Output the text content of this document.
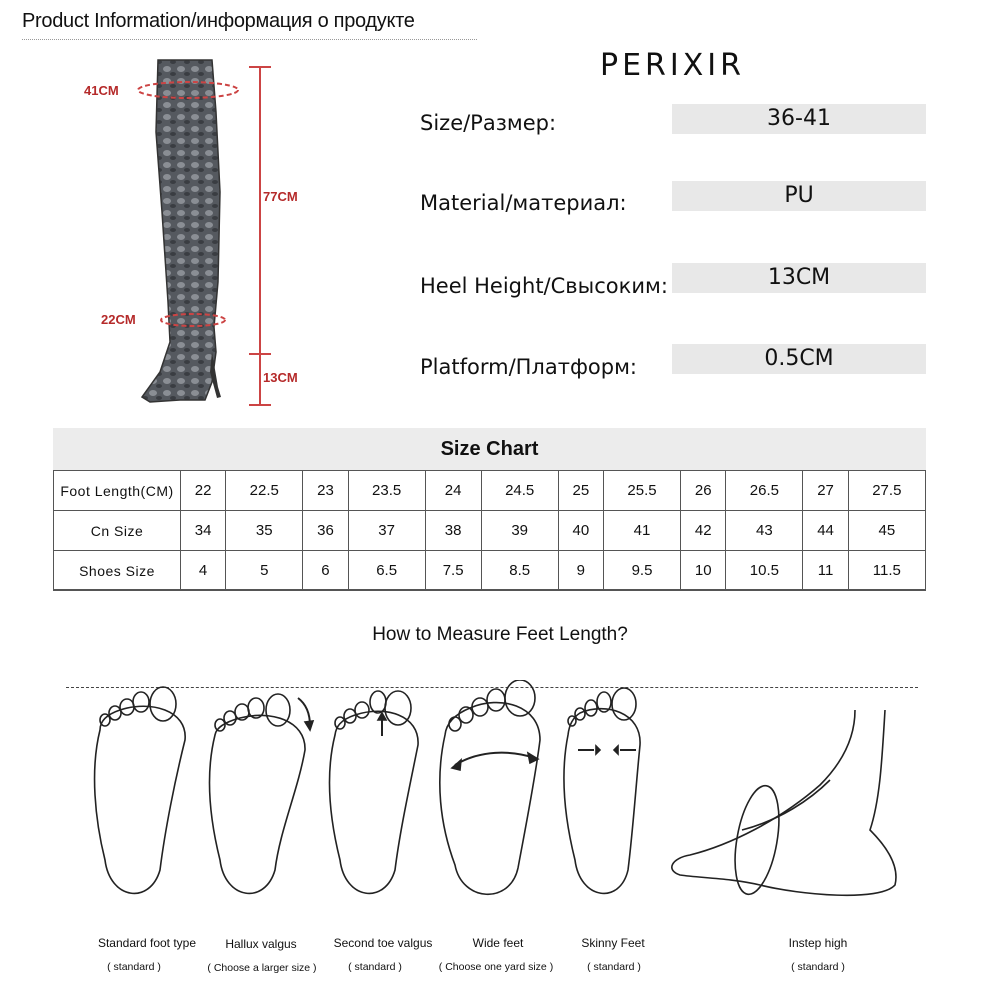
Product Information/информация о продукте
41CM
77CM
22CM
13CM
PERIXIR
Size/Размер:	36-41
Material/материал:	PU
Heel Height/Свысоким:	13CM
Platform/Платформ:	0.5CM
Size Chart
Foot Length(CM)	22	22.5	23	23.5	24	24.5	25	25.5	26	26.5	27	27.5
Cn Size	34	35	36	37	38	39	40	41	42	43	44	45
Shoes Size	4	5	6	6.5	7.5	8.5	9	9.5	10	10.5	11	11.5
How to Measure Feet Length?
Standard foot type
( standard )
Hallux valgus
( Choose a larger size )
Second toe valgus
( standard )
Wide feet
( Choose one yard size )
Skinny Feet
( standard )
Instep high
( standard )
